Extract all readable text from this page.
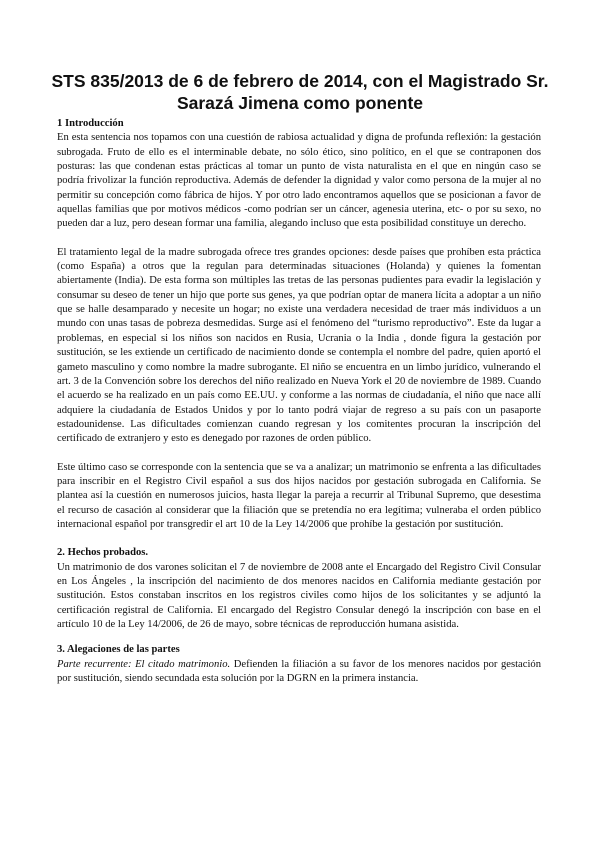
STS 835/2013 de 6 de febrero de 2014, con el Magistrado Sr. Sarazá Jimena como ponente

1 Introducción

En esta sentencia nos topamos con una cuestión de rabiosa actualidad y digna de profunda reflexión: la gestación subrogada. Fruto de ello es el interminable debate, no sólo ético, sino político, en el que se contraponen dos posturas: las que condenan estas prácticas al tomar un punto de vista naturalista en el que en ningún caso se podría frivolizar la función reproductiva. Además de defender la dignidad y valor como persona de la mujer al no permitir su concepción como fábrica de hijos. Y por otro lado encontramos aquellos que se posicionan a favor de aquellas familias que por motivos médicos -como podrían ser un cáncer, agenesia uterina, etc- o por su sexo, no pueden dar a luz, pero desean formar una familia, alegando incluso que esta posibilidad constituye un derecho.

El tratamiento legal de la madre subrogada ofrece tres grandes opciones: desde países que prohíben esta práctica (como España) a otros que la regulan para determinadas situaciones (Holanda) y quienes la fomentan abiertamente (India). De esta forma son múltiples las tretas de las personas pudientes para evadir la legislación y consumar su deseo de tener un hijo que porte sus genes, ya que podrían optar de manera lícita a adoptar a un niño que se halle desamparado y necesite un hogar; no existe una verdadera necesidad de traer más individuos a un mundo con unas tasas de pobreza desmedidas. Surge así el fenómeno del “turismo reproductivo”. Este da lugar a problemas, en especial si los niños son nacidos en Rusia, Ucrania o la India , donde figura la gestación por sustitución, se les extiende un certificado de nacimiento donde se contempla el nombre del padre, quien aportó el gameto masculino y como nombre la madre subrogante. El niño se encuentra en un limbo jurídico, vulnerando el art. 3 de la Convención sobre los derechos del niño realizado en Nueva York el 20 de noviembre de 1989. Cuando el acuerdo se ha realizado en un país como EE.UU. y conforme a las normas de ciudadanía, el niño que nace allí adquiere la ciudadanía de Estados Unidos y por lo tanto podrá viajar de regreso a su país con un pasaporte estadounidense. Las dificultades comienzan cuando regresan y los comitentes procuran la inscripción del certificado de extranjero y esto es denegado por razones de orden público.

Este último caso se corresponde con la sentencia que se va a analizar; un matrimonio se enfrenta a las dificultades para inscribir en el Registro Civil español a sus dos hijos nacidos por gestación subrogada en California. Se plantea así la cuestión en numerosos juicios, hasta llegar la pareja a recurrir al Tribunal Supremo, que desestima el recurso de casación al considerar que la filiación que se pretendía no era legítima; vulneraba el orden público internacional español por transgredir el art 10 de la Ley 14/2006 que prohíbe la gestación por sustitución.

2. Hechos probados.

Un matrimonio de dos varones solicitan el 7 de noviembre de 2008 ante el Encargado del Registro Civil Consular en Los Ángeles , la inscripción del nacimiento de dos menores nacidos en California mediante gestación por sustitución. Estos constaban inscritos en los registros civiles como hijos de los solicitantes y se adjuntó la certificación registral de California. El encargado del Registro Consular denegó la inscripción con base en el artículo 10 de la Ley 14/2006, de 26 de mayo, sobre técnicas de reproducción humana asistida.

3. Alegaciones de las partes

Parte recurrente: El citado matrimonio. Defienden la filiación a su favor de los menores nacidos por gestación por sustitución, siendo secundada esta solución por la DGRN en la primera instancia.
